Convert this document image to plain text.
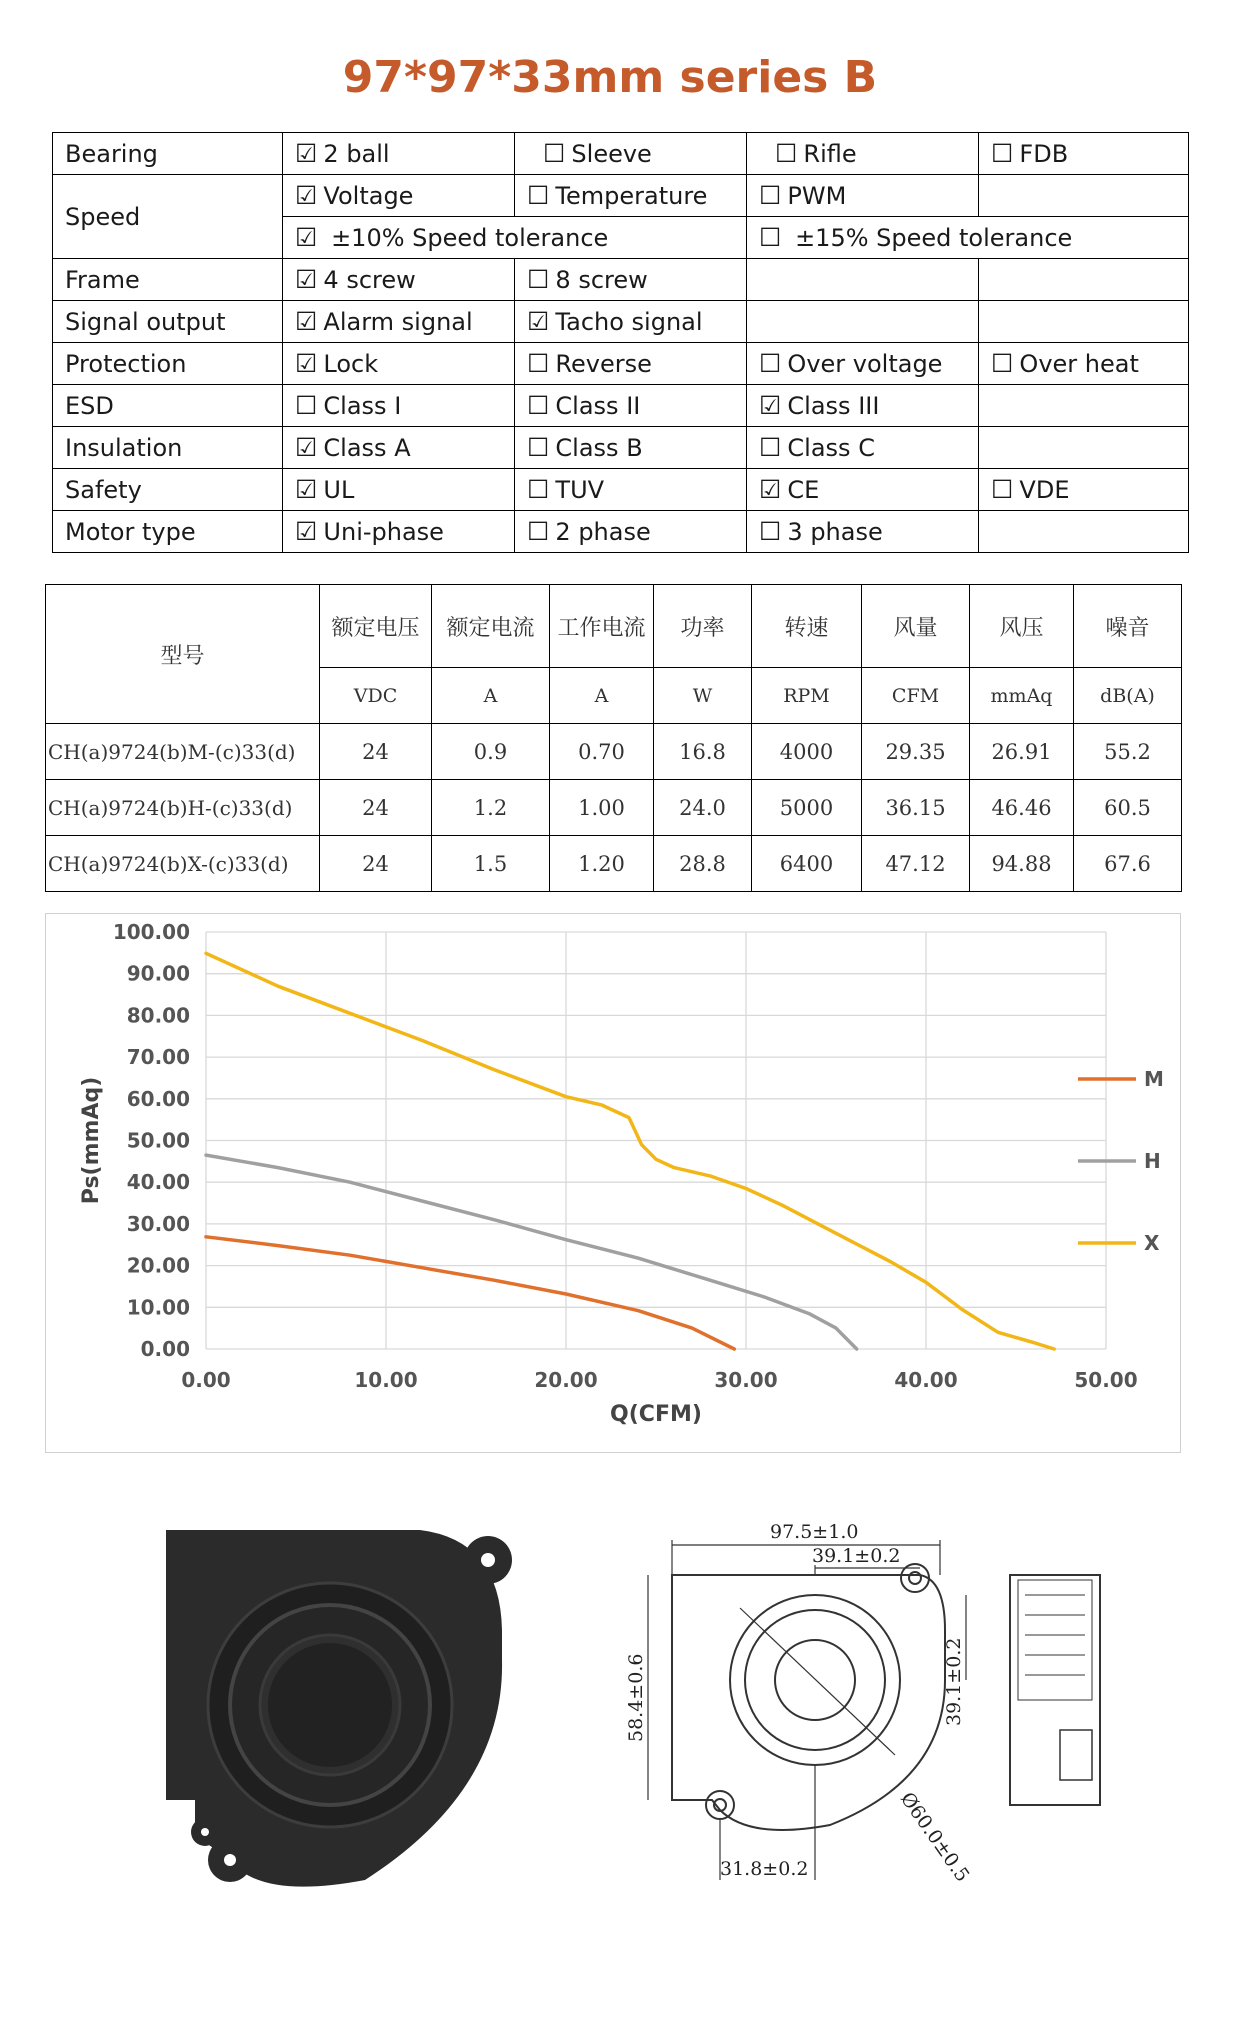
97*97*33mm series B
Bearing	☑ 2 ball	☐ Sleeve	☐ Rifle	☐ FDB
Speed	☑ Voltage	☐ Temperature	☐ PWM	
	☑ ±10% Speed tolerance		☐ ±15% Speed tolerance	
Frame	☑ 4 screw	☐ 8 screw		
Signal output	☑ Alarm signal	☑ Tacho signal		
Protection	☑ Lock	☐ Reverse	☐ Over voltage	☐ Over heat
ESD	☐ Class I	☐ Class II	☑ Class III	
Insulation	☑ Class A	☐ Class B	☐ Class C	
Safety	☑ UL	☐ TUV	☑ CE	☐ VDE
Motor type	☑ Uni-phase	☐ 2 phase	☐ 3 phase	
型号	额定电压	额定电流	工作电流	功率	转速	风量	风压	噪音
	VDC	A	A	W	RPM	CFM	mmAq	dB(A)
CH(a)9724(b)M-(c)33(d)	24	0.9	0.70	16.8	4000	29.35	26.91	55.2
CH(a)9724(b)H-(c)33(d)	24	1.2	1.00	24.0	5000	36.15	46.46	60.5
CH(a)9724(b)X-(c)33(d)	24	1.5	1.20	28.8	6400	47.12	94.88	67.6
0.00
10.00
20.00
30.00
40.00
50.00
60.00
70.00
80.00
90.00
100.00
0.00	10.00	20.00	30.00	40.00	50.00
Q(CFM)
Ps(mmAq)	M
H
X
97.5±1.0
39.1±0.2
58.4±0.6	39.1±0.2
Ø60.0±0.5
31.8±0.2
